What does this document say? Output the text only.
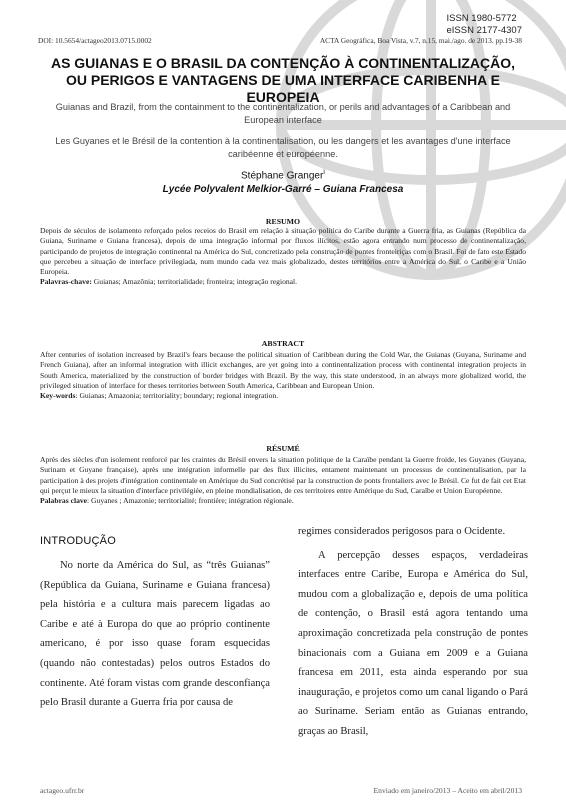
ISSN 1980-5772
eISSN 2177-4307
DOI: 10.5654/actageo2013.0715.0002	ACTA Geográfica, Boa Vista, v.7, n.15, mai./ago. de 2013. pp.19-38
AS GUIANAS E O BRASIL DA CONTENÇÃO À CONTINENTALIZAÇÃO,
OU PERIGOS E VANTAGENS DE UMA INTERFACE CARIBENHA E EUROPEIA
Guianas and Brazil, from the containment to the continentalization, or perils and advantages of a Caribbean and European interface
Les Guyanes et le Brésil de la contention à la continentalisation, ou les dangers et les avantages d'une interface caribéenne et européenne.
Stéphane Granger$^I$
Lycée Polyvalent Melkior-Garré – Guiana Francesa
RESUMO
Depois de séculos de isolamento reforçado pelos receios do Brasil em relação à situação política do Caribe durante a Guerra fria, as Guianas (República da Guiana, Suriname e Guiana francesa), depois de uma integração informal por fluxos ilícitos, estão agora entrando num processo de continentalização, participando de projetos de integração continental na América do Sul, concretizado pela construção de pontes fronteiriças com o Brasil. Foi de fato este Estado que percebeu a situação de interface privilegiada, num mundo cada vez mais globalizado, destes territórios entre a América do Sul, o Caribe e a União Europeia.
Palavras-chave: Guianas; Amazônia; territorialidade; fronteira; integração regional.
ABSTRACT
After centuries of isolation increased by Brazil's fears because the political situation of Caribbean during the Cold War, the Guianas (Guyana, Suriname and French Guiana), after an informal integration with illicit exchanges, are yet going into a continentalization process with continental integration projects in South America, materialized by the construction of border bridges with Brazil. By the way, this state understood, in an always more globalized world, the privileged situation of interface for theses territories between South America, Caribbean and European Union.
Key-words: Guianas; Amazonia; territoriality; boundary; regional integration.
RÉSUMÉ
Après des siècles d'un isolement renforcé par les craintes du Brésil envers la situation politique de la Caraïbe pendant la Guerre froide, les Guyanes (Guyana, Surinam et Guyane française), après une intégration informelle par des flux illicites, entament maintenant un processus de continentalisation, par la participation à des projets d'intégration continentale en Amérique du Sud concrétisé par la construction de ponts frontaliers avec le Brésil. Ce fut de fait cet Etat qui perçut le mieux la situation d'interface privilégiée, en pleine mondialisation, de ces territoires entre Amérique du Sud, Caraïbe et Union Européenne.
Palabras clave: Guyanes ; Amazonie; territorialité; frontière; intégration régionale.
INTRODUÇÃO

No norte da América do Sul, as “três Guianas” (República da Guiana, Suriname e Guiana francesa) pela história e a cultura mais parecem ligadas ao Caribe e até à Europa do que ao próprio continente americano, é por isso quase foram esquecidas (quando não contestadas) pelos outros Estados do continente. Até foram vistas com grande desconfiança pelo Brasil durante a Guerra fria por causa de

regimes considerados perigosos para o Ocidente.

A percepção desses espaços, verdadeiras interfaces entre Caribe, Europa e América do Sul, mudou com a globalização e, depois de uma política de contenção, o Brasil está agora tentando uma aproximação concretizada pela construção de pontes binacionais com a Guiana em 2009 e a Guiana francesa em 2011, esta ainda esperando por sua inauguração, e projetos como um canal ligando o Pará ao Suriname. Seriam então as Guianas entrando, graças ao Brasil,

actageo.ufrr.br	Enviado em janeiro/2013 – Aceito em abril/2013
